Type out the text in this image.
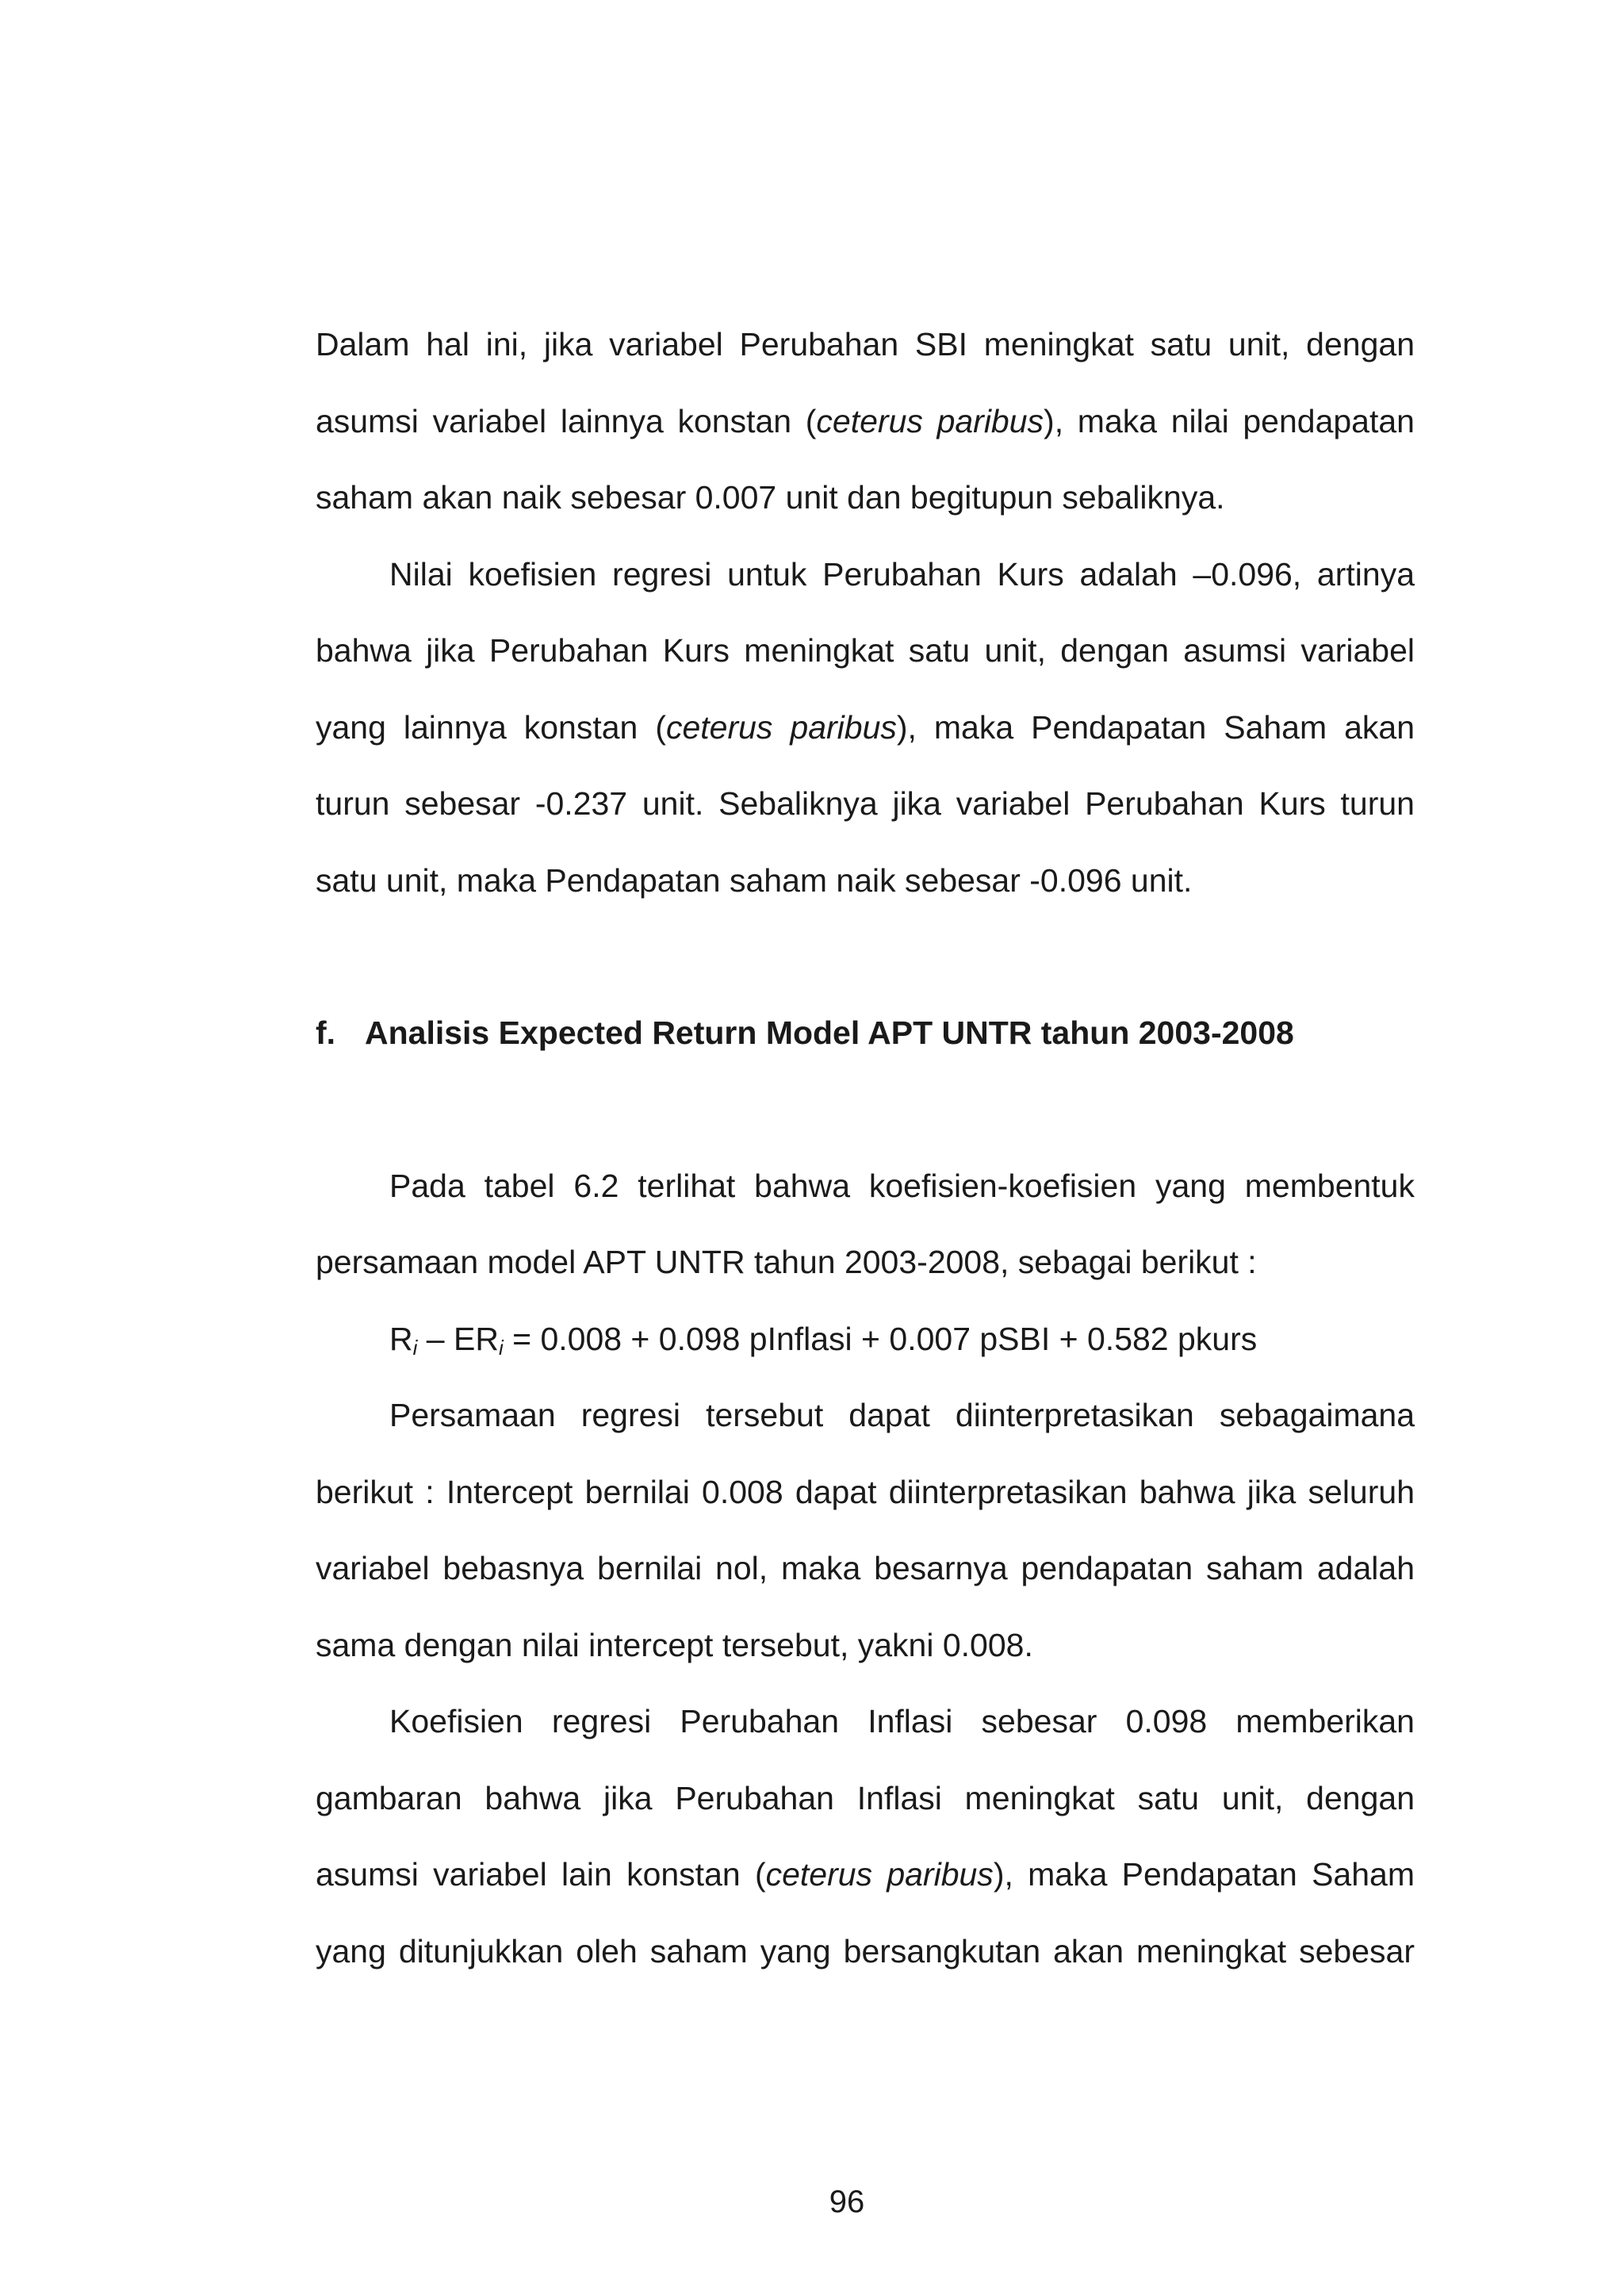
Dalam hal ini, jika variabel Perubahan SBI meningkat satu unit, dengan
asumsi variabel lainnya konstan (ceterus paribus), maka nilai pendapatan
saham akan naik sebesar 0.007 unit dan begitupun sebaliknya.
Nilai koefisien regresi untuk Perubahan Kurs adalah –0.096, artinya
bahwa jika Perubahan Kurs meningkat satu unit, dengan asumsi variabel
yang lainnya konstan (ceterus paribus), maka Pendapatan Saham akan
turun sebesar -0.237 unit. Sebaliknya jika variabel Perubahan Kurs turun
satu unit, maka Pendapatan saham naik sebesar -0.096 unit.
f. Analisis Expected Return Model APT UNTR tahun 2003-2008
Pada tabel 6.2 terlihat bahwa koefisien-koefisien yang membentuk
persamaan model APT UNTR tahun 2003-2008, sebagai berikut :
$R_i - ER_i = 0.008 + 0.098$ pInflasi + 0.007 pSBI + 0.582 pkurs
Persamaan regresi tersebut dapat diinterpretasikan sebagaimana
berikut : Intercept bernilai 0.008 dapat diinterpretasikan bahwa jika seluruh
variabel bebasnya bernilai nol, maka besarnya pendapatan saham adalah
sama dengan nilai intercept tersebut, yakni 0.008.
Koefisien regresi Perubahan Inflasi sebesar 0.098 memberikan
gambaran bahwa jika Perubahan Inflasi meningkat satu unit, dengan
asumsi variabel lain konstan (ceterus paribus), maka Pendapatan Saham
yang ditunjukkan oleh saham yang bersangkutan akan meningkat sebesar
96
